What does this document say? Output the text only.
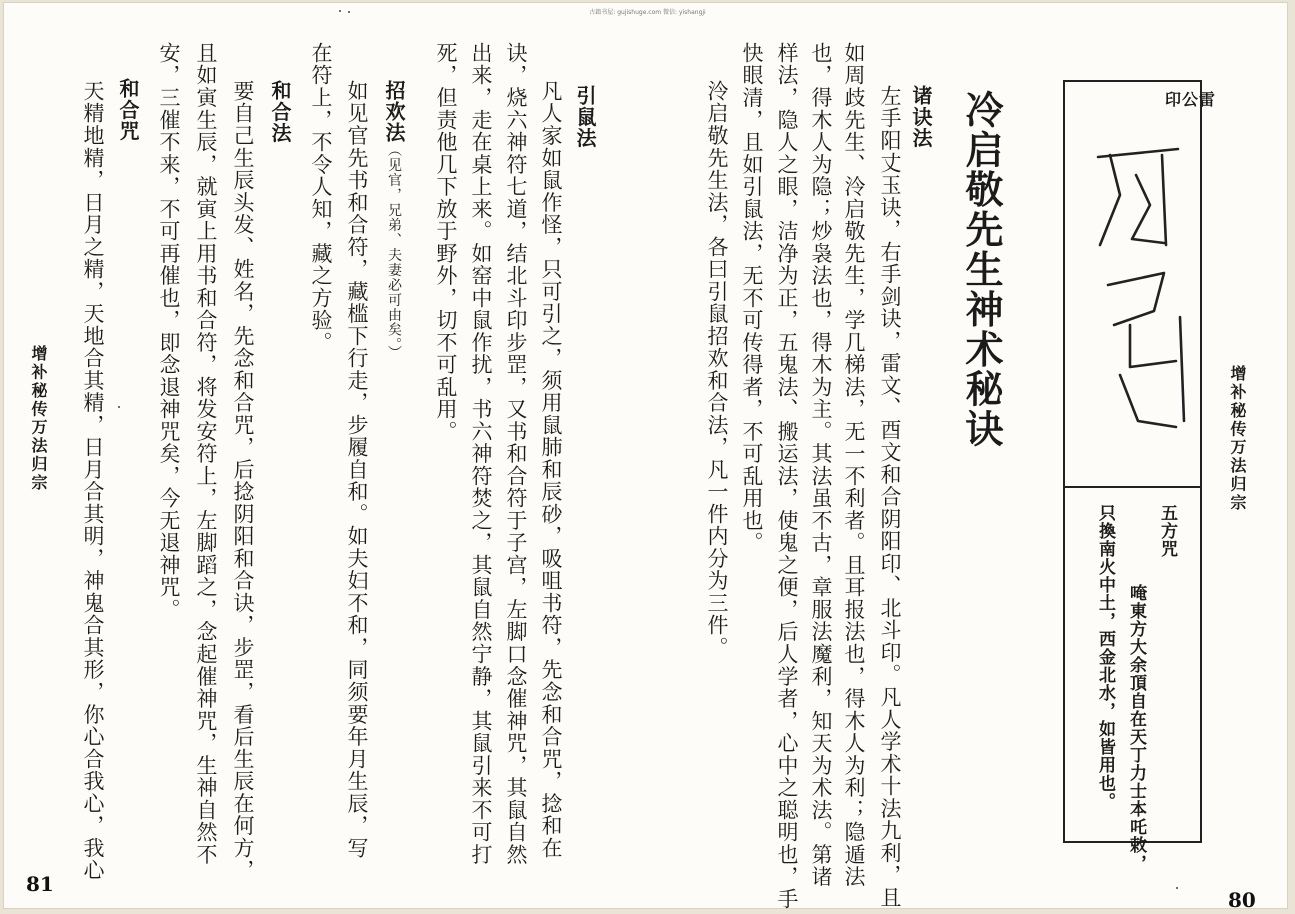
古籍书屋: gujishuge.com 微信: yishangji
增补秘传万法归宗
80
雷公印
五方咒
唵東方大余頂自在天丁力士本吒敕，
只換南火中土，西金北水，如皆用也。
冷启敬先生神术秘诀
诸诀法
左手阳丈玉诀，右手剑诀，雷文、酉文和合阴阳印、北斗印。凡人学术十法九利，且
如周歧先生、泠启敬先生，学几梯法，无一不利者。且耳报法也，得木人为利；隐遁法
也，得木人为隐；炒袅法也，得木为主。其法虽不古，章服法魔利，知天为术法。第诸
样法，隐人之眼，洁净为正，五鬼法、搬运法，使鬼之便，后人学者，心中之聪明也，手
快眼清，且如引鼠法，无不可传得者，不可乱用也。
泠启敬先生法，各曰引鼠招欢和合法，凡一件内分为三件。
引鼠法
凡人家如鼠作怪，只可引之，须用鼠肺和辰砂，吸咀书符，先念和合咒，捻和在
诀，烧六神符七道，结北斗印步罡，又书和合符于子宫，左脚口念催神咒，其鼠自然
出来，走在桌上来。如窑中鼠作扰，书六神符焚之，其鼠自然宁静，其鼠引来不可打
死，但责他几下放于野外，切不可乱用。
招欢法（见官，兄弟、夫妻必可由矣。）
如见官先书和合符，藏槛下行走，步履自和。如夫妇不和，同须要年月生辰，写
在符上，不令人知，藏之方验。
和合法
要自己生辰头发、姓名，先念和合咒，后捻阴阳和合诀，步罡，看后生辰在何方，
且如寅生辰，就寅上用书和合符，将发安符上，左脚蹈之，念起催神咒，生神自然不
安，三催不来，不可再催也，即念退神咒矣，今无退神咒。
和合咒
天精地精，日月之精，天地合其精，日月合其明，神鬼合其形，你心合我心，我心
增补秘传万法归宗
81
